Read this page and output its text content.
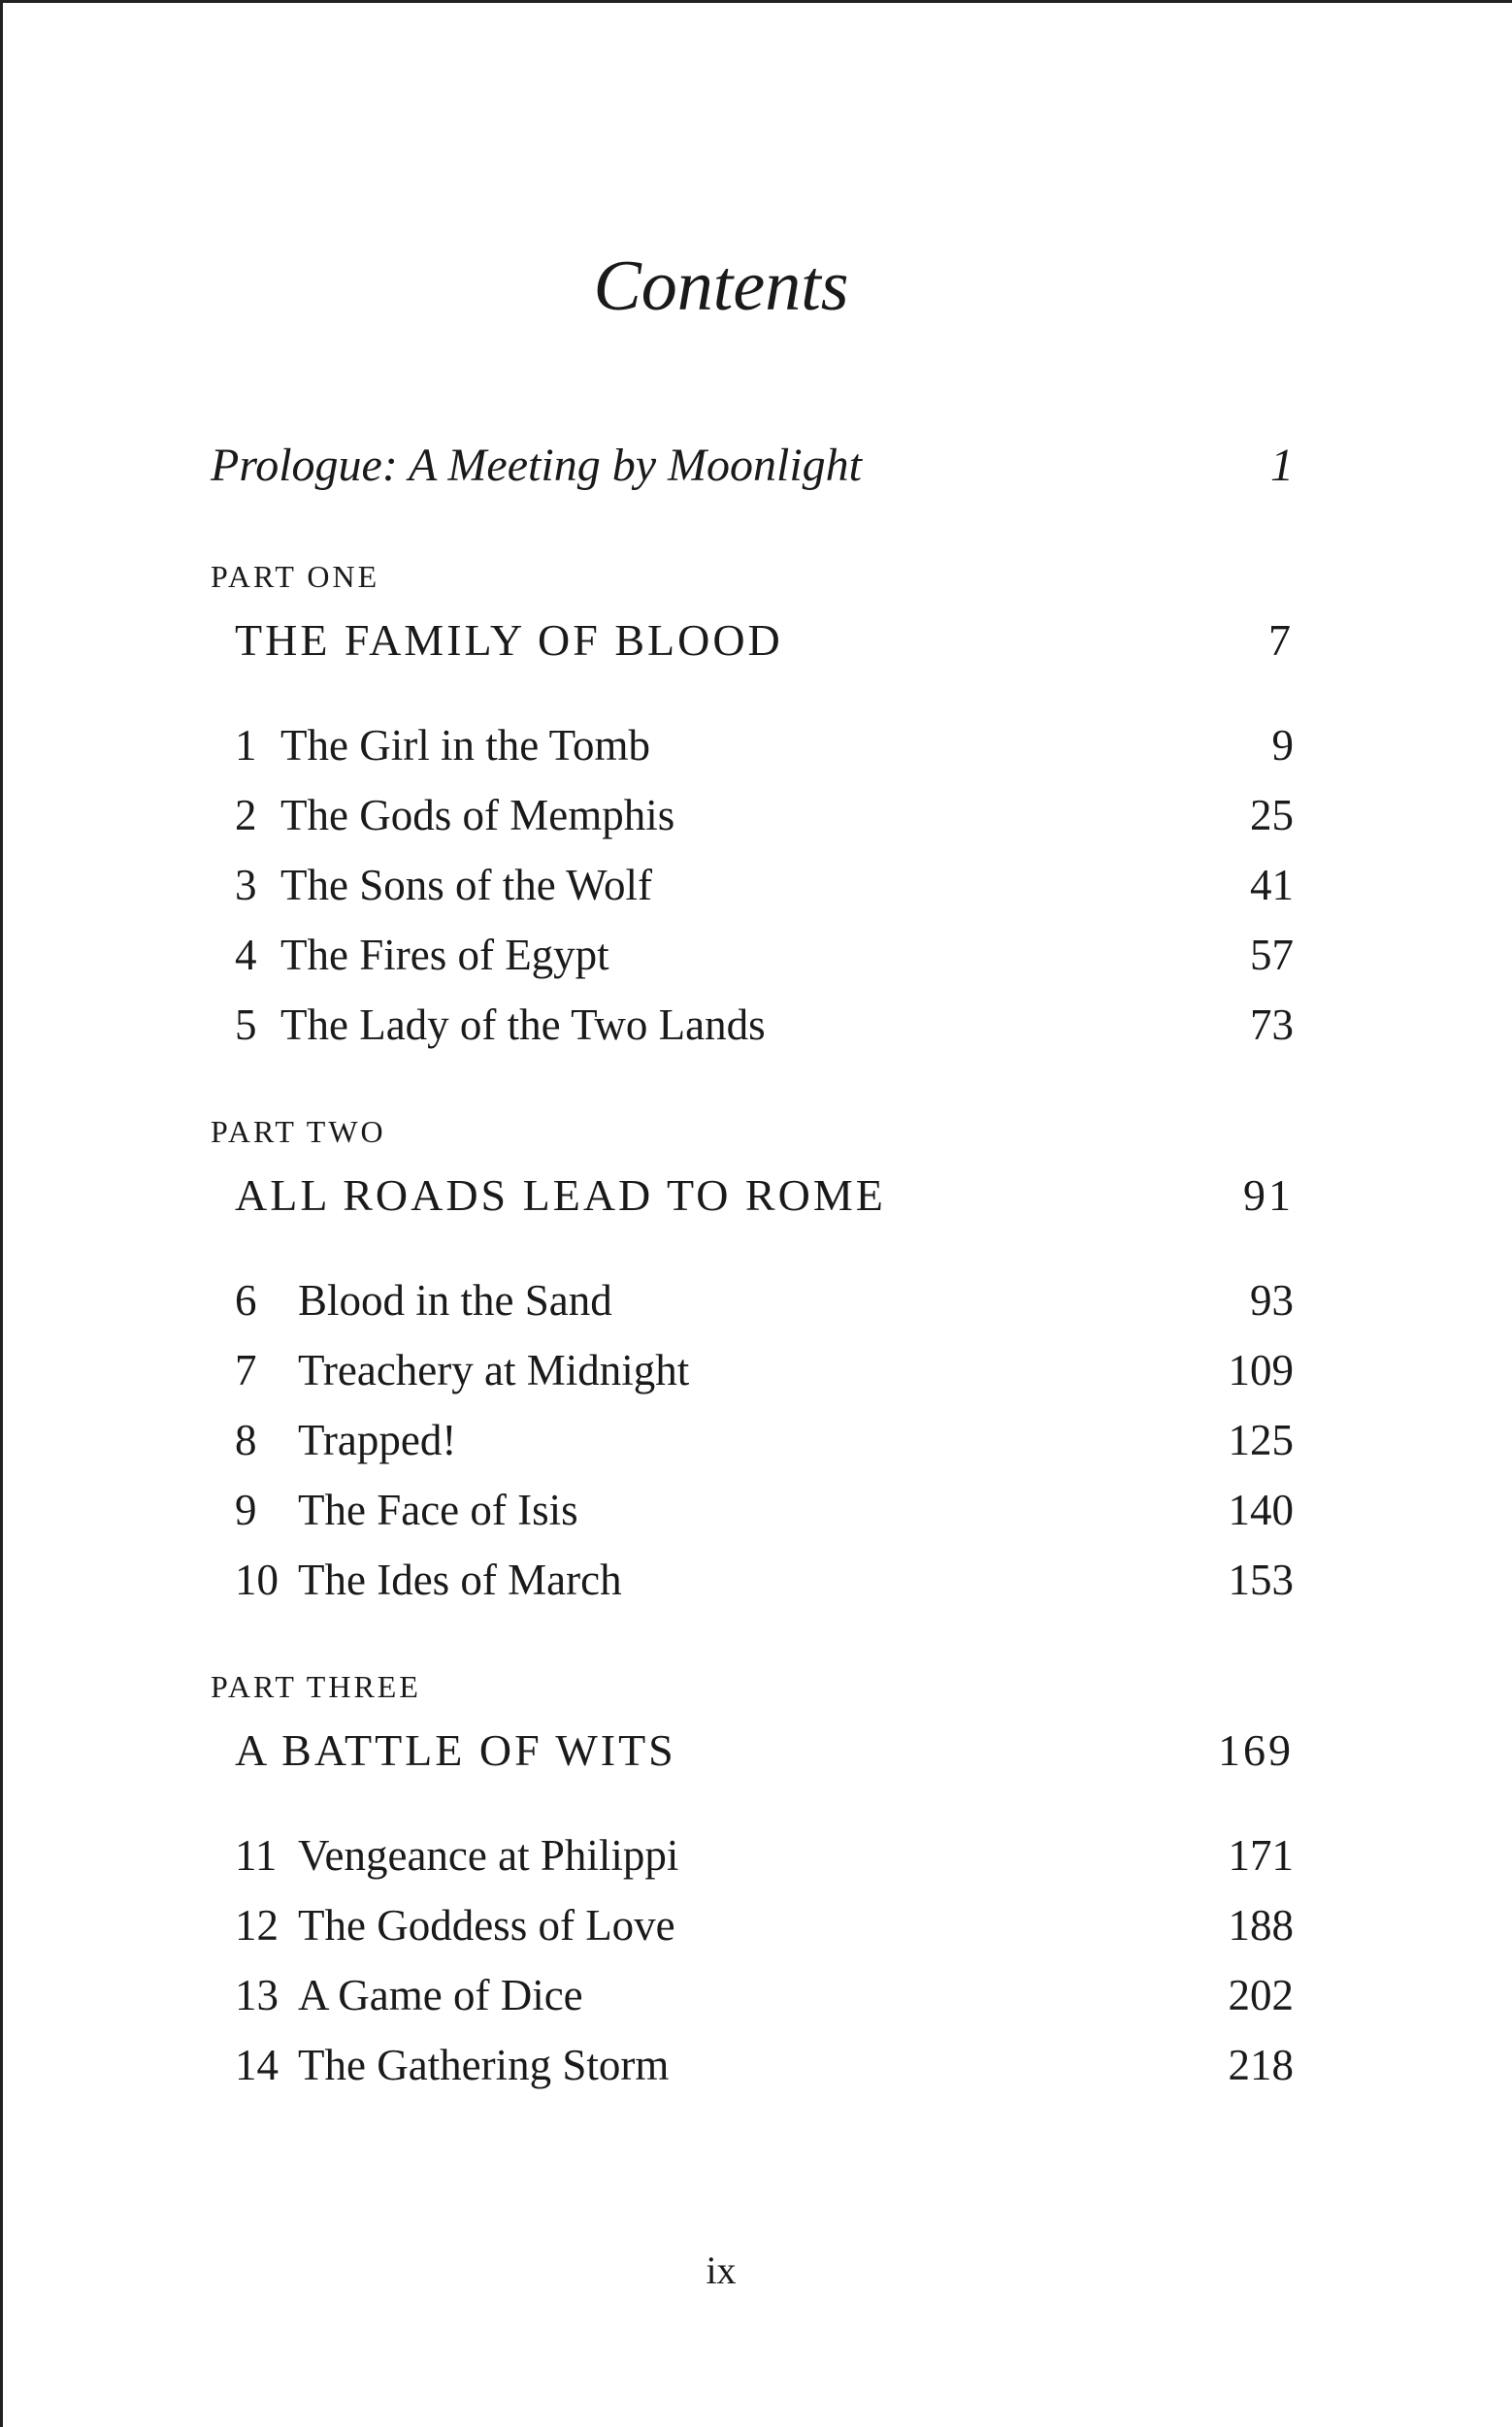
Contents
Prologue: A Meeting by Moonlight	1
PART ONE
THE FAMILY OF BLOOD	7
1 The Girl in the Tomb	9
2 The Gods of Memphis	25
3 The Sons of the Wolf	41
4 The Fires of Egypt	57
5 The Lady of the Two Lands	73
PART TWO
ALL ROADS LEAD TO ROME	91
6 Blood in the Sand	93
7 Treachery at Midnight	109
8 Trapped!	125
9 The Face of Isis	140
10 The Ides of March	153
PART THREE
A BATTLE OF WITS	169
11 Vengeance at Philippi	171
12 The Goddess of Love	188
13 A Game of Dice	202
14 The Gathering Storm	218
ix
